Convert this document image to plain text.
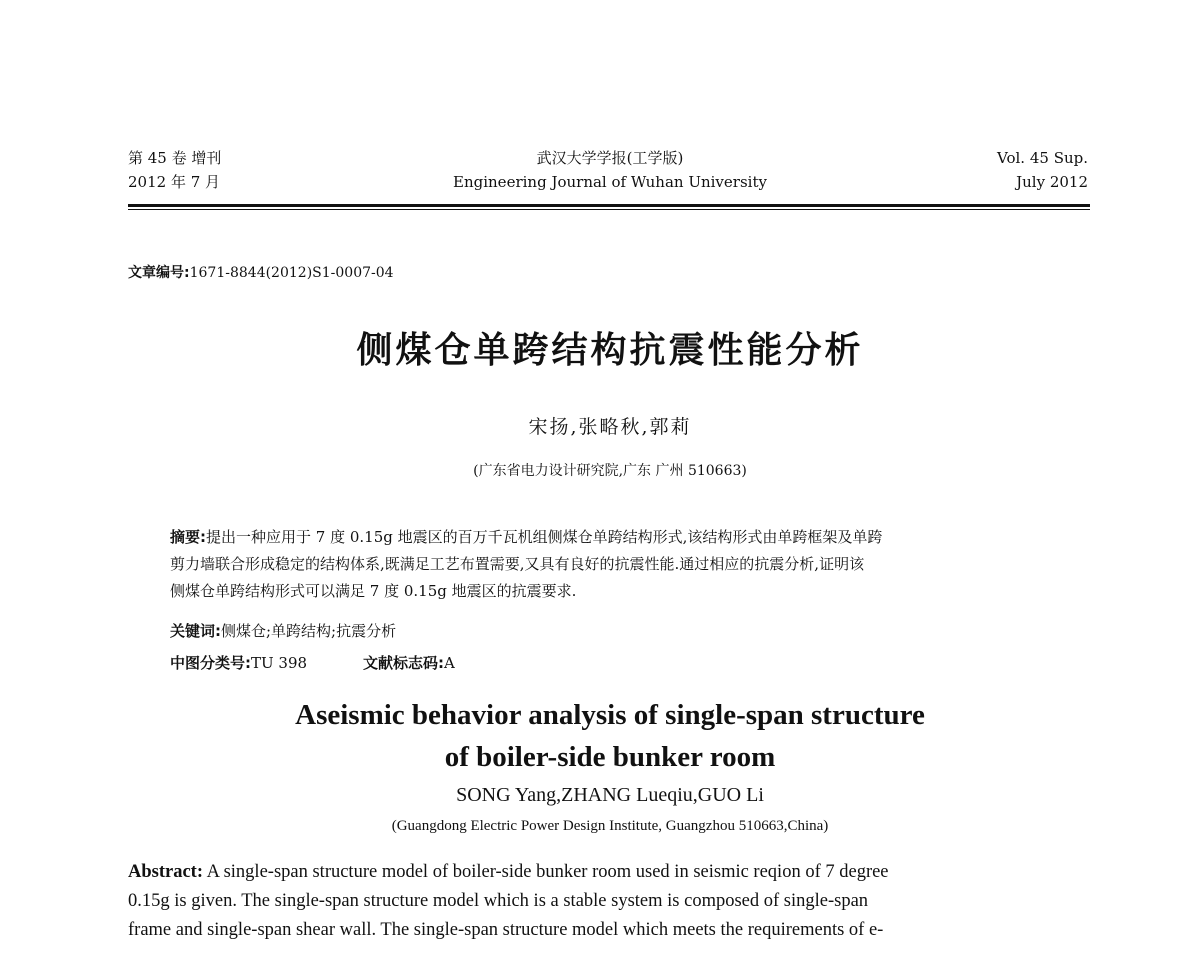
第 45 卷 增刊
2012 年 7 月
武汉大学学报(工学版)
Engineering Journal of Wuhan University
Vol. 45 Sup.
July 2012
文章编号:1671-8844(2012)S1-0007-04
侧煤仓单跨结构抗震性能分析
宋扬,张略秋,郭莉
(广东省电力设计研究院,广东 广州 510663)
摘要:提出一种应用于 7 度 0.15g 地震区的百万千瓦机组侧煤仓单跨结构形式,该结构形式由单跨框架及单跨
剪力墙联合形成稳定的结构体系,既满足工艺布置需要,又具有良好的抗震性能.通过相应的抗震分析,证明该
侧煤仓单跨结构形式可以满足 7 度 0.15g 地震区的抗震要求.
关键词:侧煤仓;单跨结构;抗震分析
中图分类号:TU 398	文献标志码:A
Aseismic behavior analysis of single-span structure
of boiler-side bunker room
SONG Yang,ZHANG Lueqiu,GUO Li
(Guangdong Electric Power Design Institute, Guangzhou 510663,China)
Abstract: A single-span structure model of boiler-side bunker room used in seismic reqion of 7 degree
0.15g is given. The single-span structure model which is a stable system is composed of single-span
frame and single-span shear wall. The single-span structure model which meets the requirements of e-
